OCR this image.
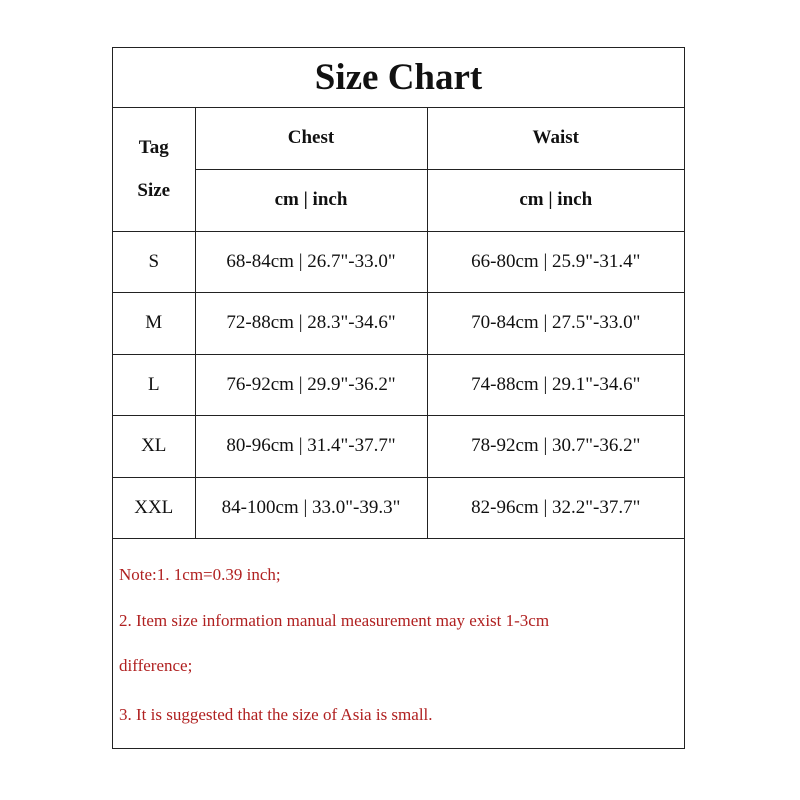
Size Chart
Tag
Size	Chest	Waist
	cm | inch	cm | inch
S	68-84cm | 26.7"-33.0"	66-80cm | 25.9"-31.4"
M	72-88cm | 28.3"-34.6"	70-84cm | 27.5"-33.0"
L	76-92cm | 29.9"-36.2"	74-88cm | 29.1"-34.6"
XL	80-96cm | 31.4"-37.7"	78-92cm | 30.7"-36.2"
XXL	84-100cm | 33.0"-39.3"	82-96cm | 32.2"-37.7"
Note:1. 1cm=0.39 inch;
2. Item size information manual measurement may exist 1-3cm
difference;
3. It is suggested that the size of Asia is small.
